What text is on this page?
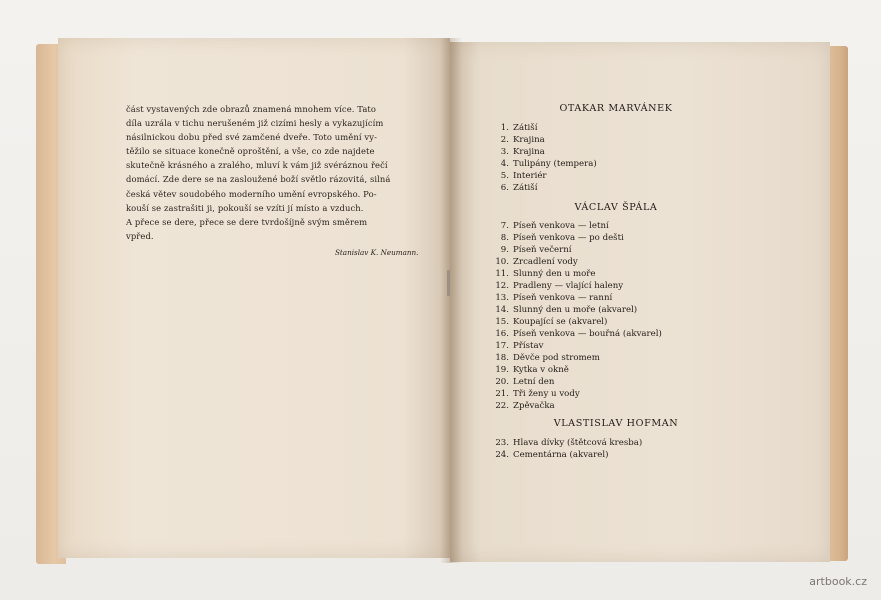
část vystavených zde obrazů znamená mnohem více. Tato
díla uzrála v tichu nerušeném již cizími hesly a vykazujícím
násilnickou dobu před své zamčené dveře. Toto umění vy-
těžilo se situace konečně oproštění, a vše, co zde najdete
skutečně krásného a zralého, mluví k vám již svéráznou řečí
domácí. Zde dere se na zasloužené boží světlo rázovitá, silná
česká větev soudobého moderního umění evropského. Po-
kouší se zastrašiti ji, pokouší se vzíti jí místo a vzduch.
A přece se dere, přece se dere tvrdošíjně svým směrem
vpřed.
Stanislav K. Neumann.
OTAKAR MARVÁNEK
1. Zátiší
2. Krajina
3. Krajina
4. Tulipány (tempera)
5. Interiér
6. Zátiší
VÁCLAV ŠPÁLA
7. Píseň venkova — letní
8. Píseň venkova — po dešti
9. Píseň večerní
10. Zrcadlení vody
11. Slunný den u moře
12. Pradleny — vlající haleny
13. Píseň venkova — ranní
14. Slunný den u moře (akvarel)
15. Koupající se (akvarel)
16. Píseň venkova — bouřná (akvarel)
17. Přístav
18. Děvče pod stromem
19. Kytka v okně
20. Letní den
21. Tři ženy u vody
22. Zpěvačka
VLASTISLAV HOFMAN
23. Hlava dívky (štětcová kresba)
24. Cementárna (akvarel)
artbook.cz
